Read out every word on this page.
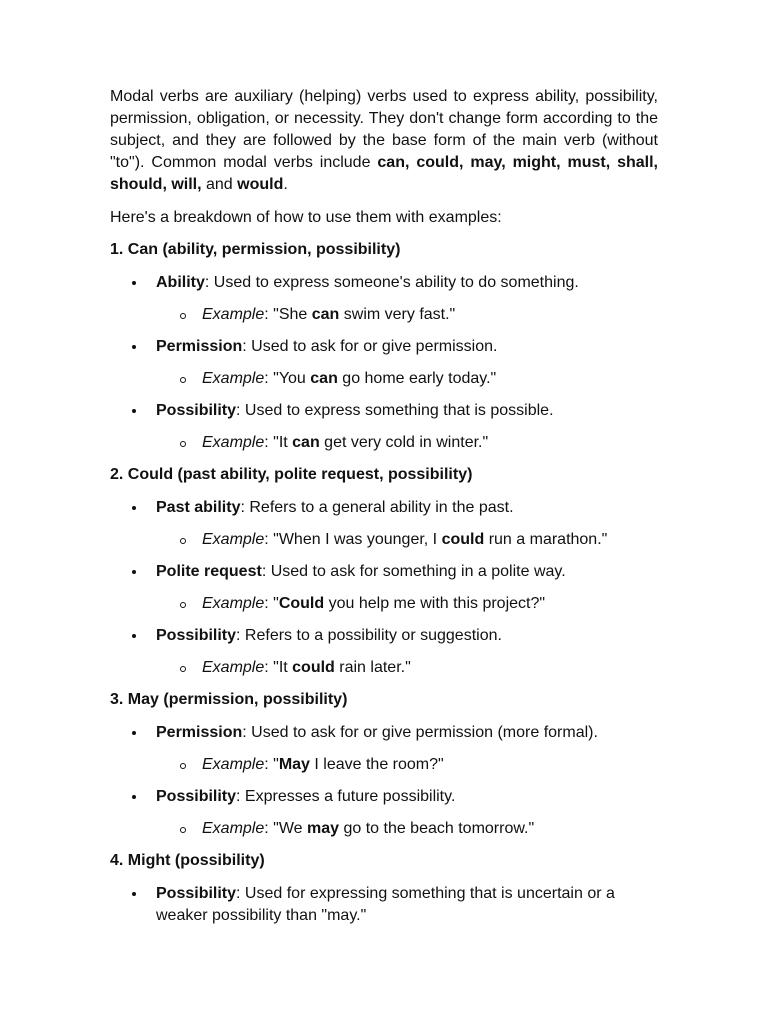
Modal verbs are auxiliary (helping) verbs used to express ability, possibility, permission, obligation, or necessity. They don't change form according to the subject, and they are followed by the base form of the main verb (without "to"). Common modal verbs include can, could, may, might, must, shall, should, will, and would.

Here's a breakdown of how to use them with examples:

1. Can (ability, permission, possibility)

Ability: Used to express someone's ability to do something.

Example: "She can swim very fast."

Permission: Used to ask for or give permission.

Example: "You can go home early today."

Possibility: Used to express something that is possible.

Example: "It can get very cold in winter."

2. Could (past ability, polite request, possibility)

Past ability: Refers to a general ability in the past.

Example: "When I was younger, I could run a marathon."

Polite request: Used to ask for something in a polite way.

Example: "Could you help me with this project?"

Possibility: Refers to a possibility or suggestion.

Example: "It could rain later."

3. May (permission, possibility)

Permission: Used to ask for or give permission (more formal).

Example: "May I leave the room?"

Possibility: Expresses a future possibility.

Example: "We may go to the beach tomorrow."

4. Might (possibility)

Possibility: Used for expressing something that is uncertain or a weaker possibility than "may."
